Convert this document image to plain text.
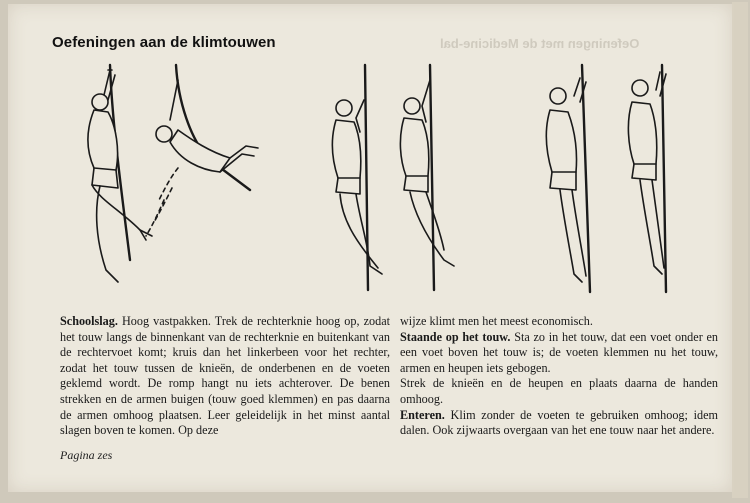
Oefeningen met de Medicine-bal
Oefeningen aan de klimtouwen

Schoolslag. Hoog vastpakken. Trek de rechterknie hoog op, zodat het touw langs de binnenkant van de rechterknie en buitenkant van de rechtervoet komt; kruis dan het linkerbeen voor het rechter, zodat het touw tussen de knieën, de onderbenen en de voeten geklemd wordt. De romp hangt nu iets achterover. De benen strekken en de armen buigen (touw goed klemmen) en pas daarna de armen omhoog plaatsen. Leer geleidelijk in het minst aantal slagen boven te komen. Op deze

wijze klimt men het meest economisch.

Staande op het touw. Sta zo in het touw, dat een voet onder en een voet boven het touw is; de voeten klemmen nu het touw, armen en heupen iets gebogen.

Strek de knieën en de heupen en plaats daarna de handen omhoog.

Enteren. Klim zonder de voeten te gebruiken omhoog; idem dalen. Ook zijwaarts overgaan van het ene touw naar het andere.

Pagina zes
